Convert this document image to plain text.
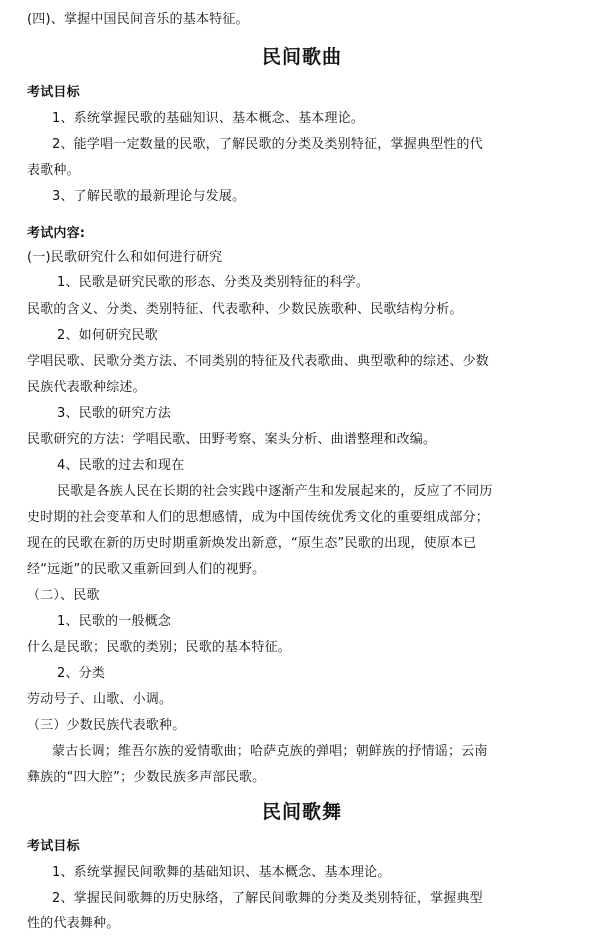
(四)、掌握中国民间音乐的基本特征。
民间歌曲
考试目标
1、系统掌握民歌的基础知识、基本概念、基本理论。
2、能学唱一定数量的民歌，了解民歌的分类及类别特征，掌握典型性的代
表歌种。
3、了解民歌的最新理论与发展。
考试内容:
(一)民歌研究什么和如何进行研究
1、民歌是研究民歌的形态、分类及类别特征的科学。
民歌的含义、分类、类别特征、代表歌种、少数民族歌种、民歌结构分析。
2、如何研究民歌
学唱民歌、民歌分类方法、不同类别的特征及代表歌曲、典型歌种的综述、少数
民族代表歌种综述。
3、民歌的研究方法
民歌研究的方法：学唱民歌、田野考察、案头分析、曲谱整理和改编。
4、民歌的过去和现在
民歌是各族人民在长期的社会实践中逐渐产生和发展起来的，反应了不同历
史时期的社会变革和人们的思想感情，成为中国传统优秀文化的重要组成部分；
现在的民歌在新的历史时期重新焕发出新意，“原生态”民歌的出现，使原本已
经“远逝”的民歌又重新回到人们的视野。
（二）、民歌
1、民歌的一般概念
什么是民歌；民歌的类别；民歌的基本特征。
2、分类
劳动号子、山歌、小调。
（三）少数民族代表歌种。
蒙古长调；维吾尔族的爱情歌曲；哈萨克族的弹唱；朝鲜族的抒情谣；云南
彝族的“四大腔”；少数民族多声部民歌。
民间歌舞
考试目标
1、系统掌握民间歌舞的基础知识、基本概念、基本理论。
2、掌握民间歌舞的历史脉络，了解民间歌舞的分类及类别特征，掌握典型
性的代表舞种。
